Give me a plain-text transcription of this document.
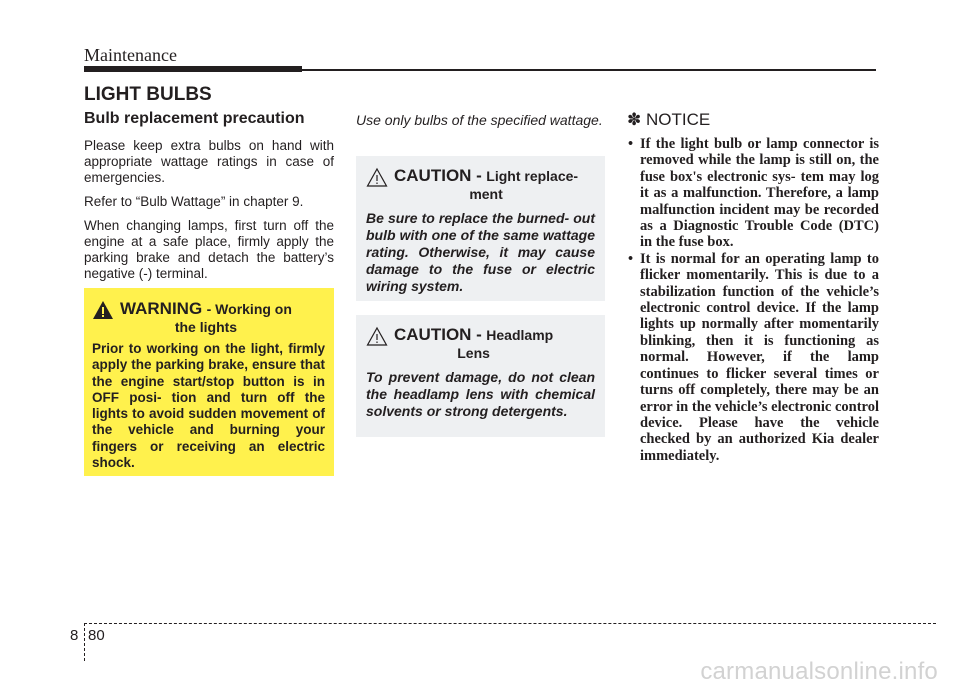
Maintenance
LIGHT BULBS
Bulb replacement precaution

Please keep extra bulbs on hand with appropriate wattage ratings in case of emergencies.

Refer to “Bulb Wattage” in chapter 9.

When changing lamps, first turn off the engine at a safe place, firmly apply the parking brake and detach the battery’s negative (-) terminal.

WARNING - Working on
the lights
Prior to working on the light, firmly apply the parking brake, ensure that the engine start/stop button is in OFF posi- tion and turn off the lights to avoid sudden movement of the vehicle and burning your fingers or receiving an electric shock.
Use only bulbs of the specified wattage.
CAUTION - Light replace-
ment
Be sure to replace the burned- out bulb with one of the same wattage rating. Otherwise, it may cause damage to the fuse or electric wiring system.
CAUTION - Headlamp
Lens
To prevent damage, do not clean the headlamp lens with chemical solvents or strong detergents.
✽ NOTICE
• If the light bulb or lamp connector is removed while the lamp is still on, the fuse box's electronic sys- tem may log it as a malfunction. Therefore, a lamp malfunction incident may be recorded as a Diagnostic Trouble Code (DTC) in the fuse box.
• It is normal for an operating lamp to flicker momentarily. This is due to a stabilization function of the vehicle’s electronic control device. If the lamp lights up normally after momentarily blinking, then it is functioning as normal. However, if the lamp continues to flicker several times or turns off completely, there may be an error in the vehicle’s electronic control device. Please have the vehicle checked by an authorized Kia dealer immediately.
8 80
carmanualsonline.info
